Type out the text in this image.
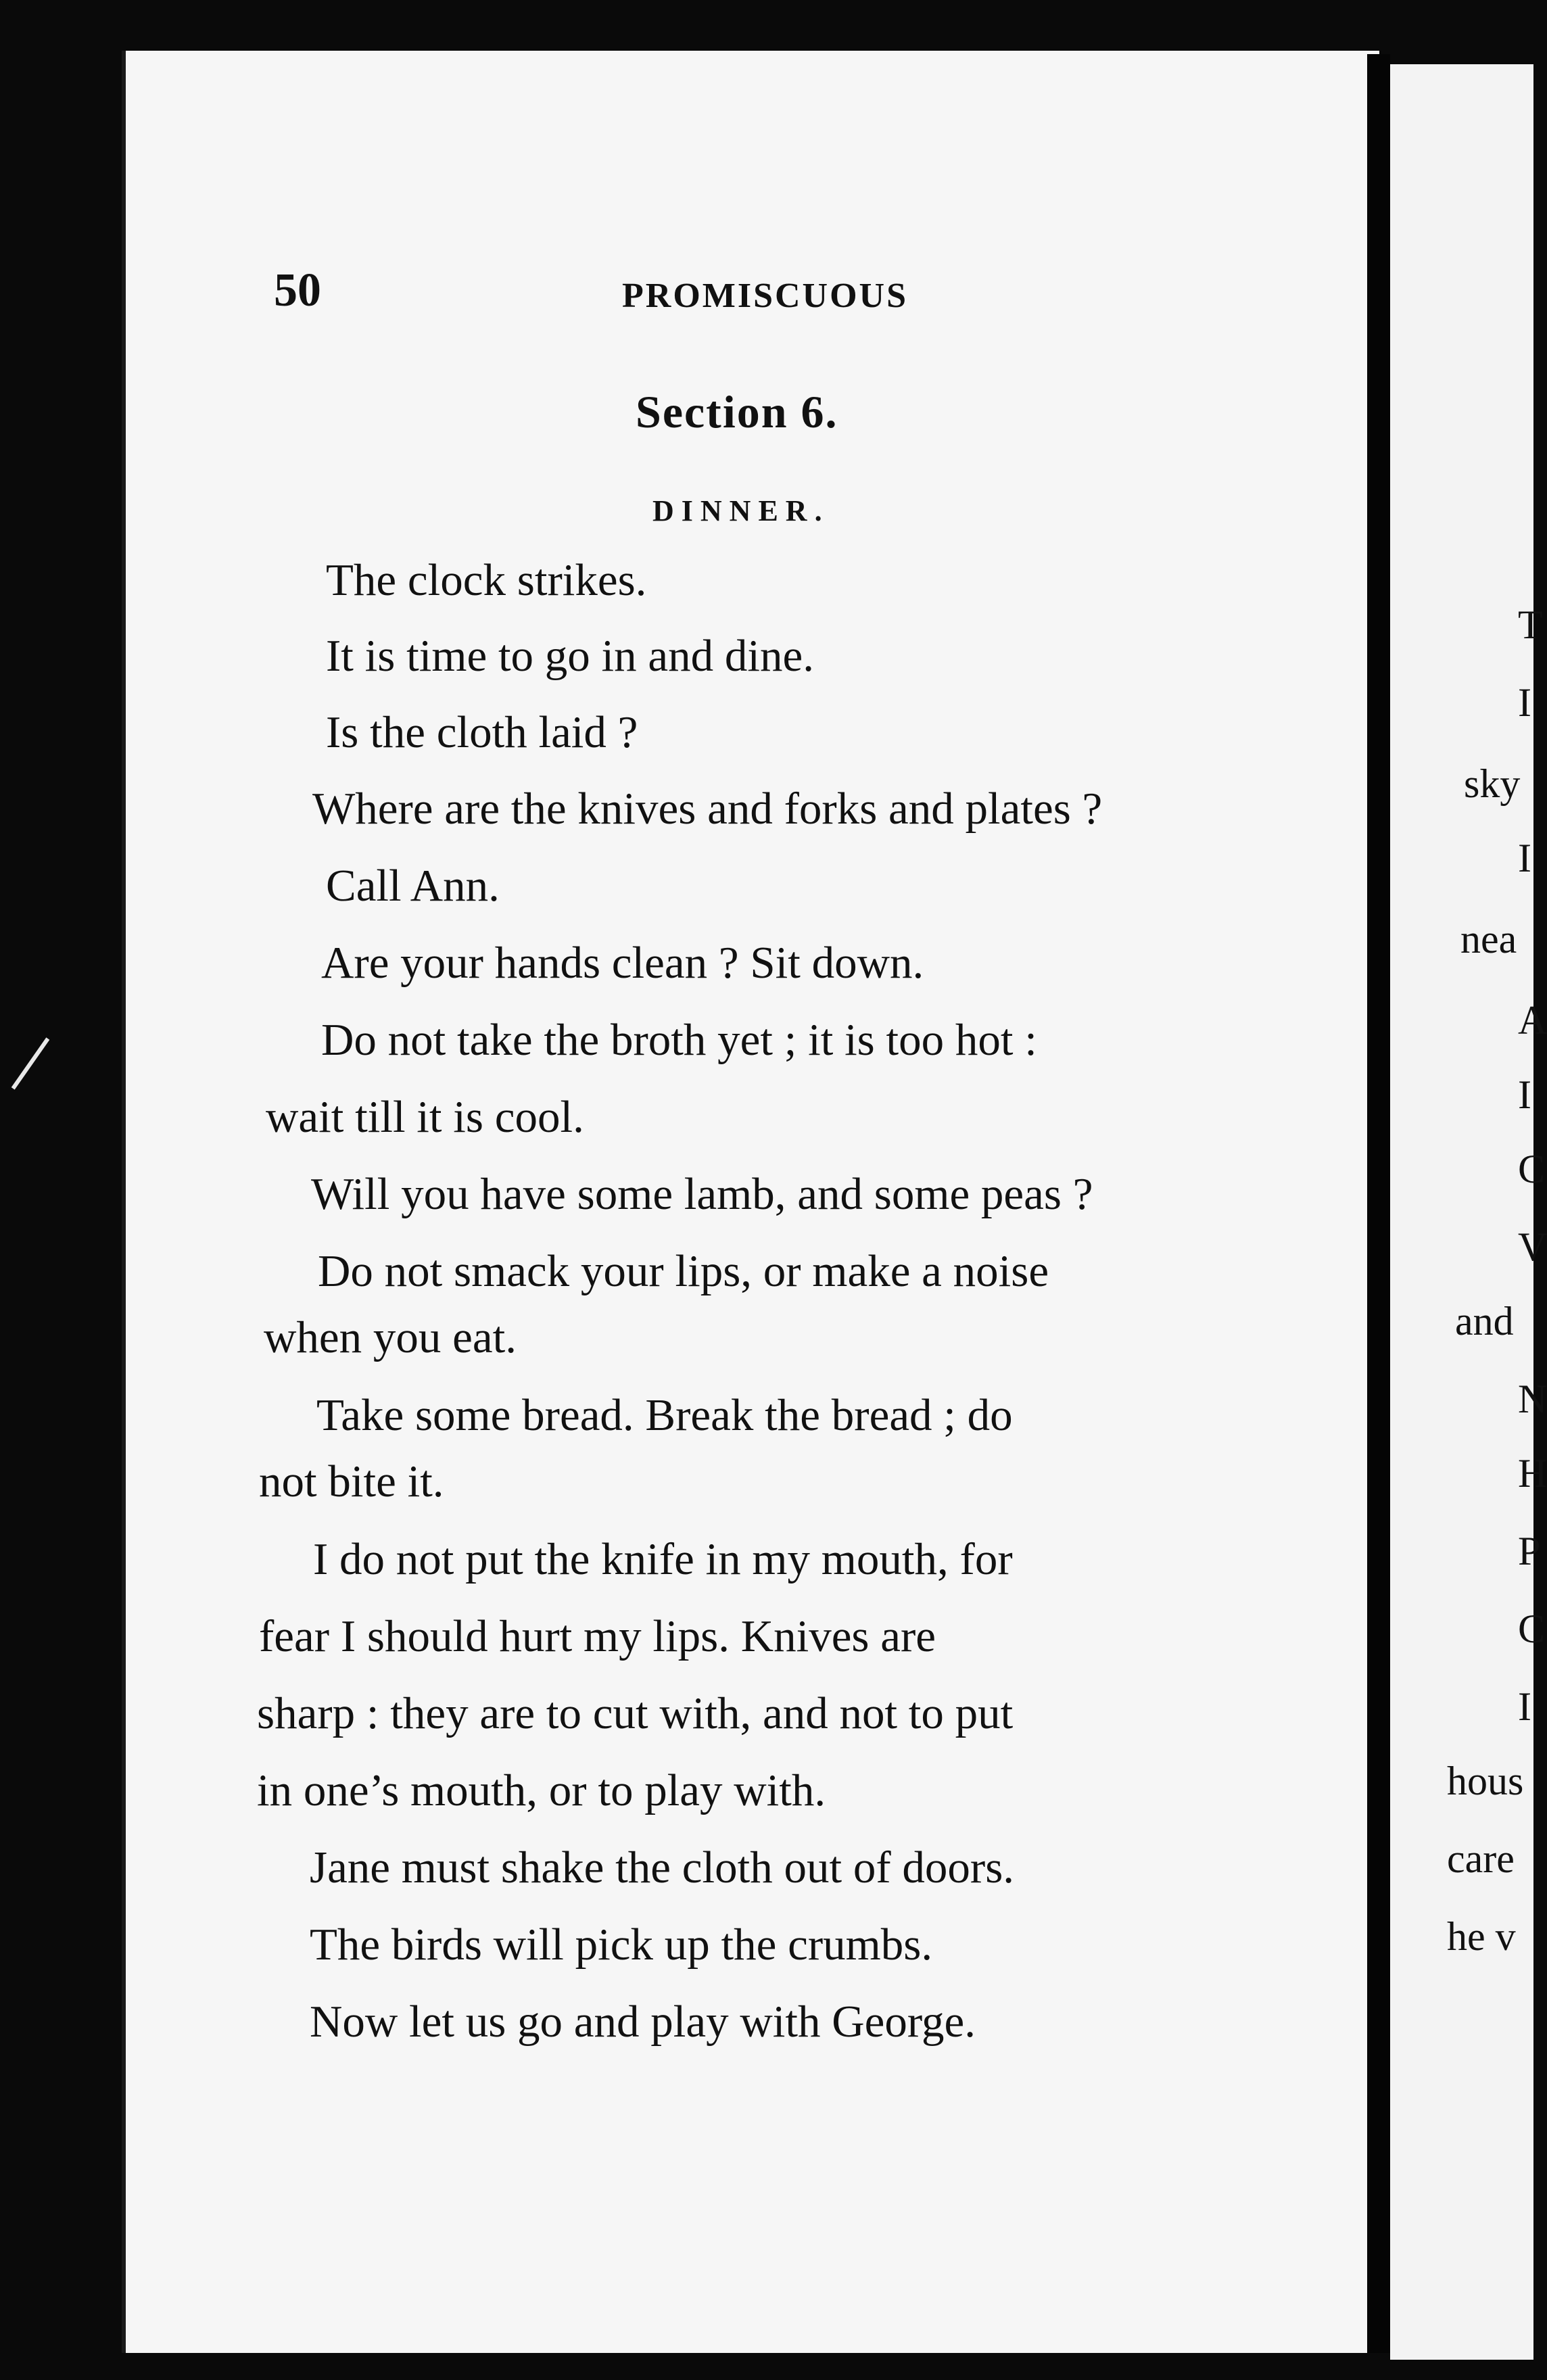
50	PROMISCUOUS
Section 6.
DINNER.
The clock strikes.
It is time to go in and dine.
Is the cloth laid ?
Where are the knives and forks and plates ?
Call Ann.
Are your hands clean ? Sit down.
Do not take the broth yet ; it is too hot :
wait till it is cool.
Will you have some lamb, and some peas ?
Do not smack your lips, or make a noise
when you eat.
Take some bread. Break the bread ; do
not bite it.
I do not put the knife in my mouth, for
fear I should hurt my lips. Knives are
sharp : they are to cut with, and not to put
in one’s mouth, or to play with.
Jane must shake the cloth out of doors.
The birds will pick up the crumbs.
Now let us go and play with George.
T
I
sky
I
nea
A
I
C
V
and
N
H
P
C
I
hous
care
he v
